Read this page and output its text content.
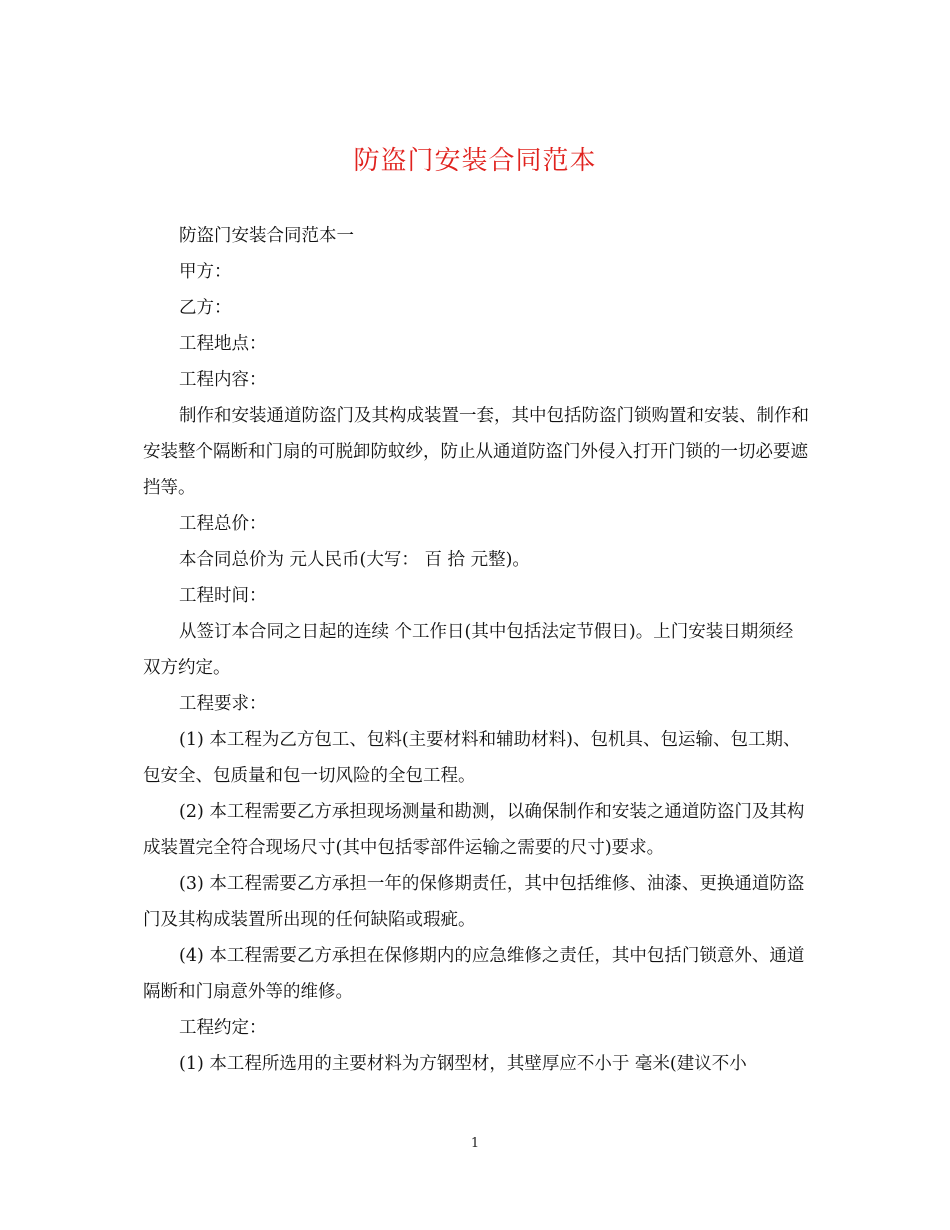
防盗门安装合同范本

防盗门安装合同范本一

甲方：

乙方：

工程地点：

工程内容：

制作和安装通道防盗门及其构成装置一套，其中包括防盗门锁购置和安装、制作和安装整个隔断和门扇的可脱卸防蚊纱，防止从通道防盗门外侵入打开门锁的一切必要遮挡等。

工程总价：

本合同总价为 元人民币(大写： 百 拾 元整)。

工程时间：

从签订本合同之日起的连续 个工作日(其中包括法定节假日)。上门安装日期须经双方约定。

工程要求：

(1) 本工程为乙方包工、包料(主要材料和辅助材料)、包机具、包运输、包工期、包安全、包质量和包一切风险的全包工程。

(2) 本工程需要乙方承担现场测量和勘测，以确保制作和安装之通道防盗门及其构成装置完全符合现场尺寸(其中包括零部件运输之需要的尺寸)要求。

(3) 本工程需要乙方承担一年的保修期责任，其中包括维修、油漆、更换通道防盗门及其构成装置所出现的任何缺陷或瑕疵。

(4) 本工程需要乙方承担在保修期内的应急维修之责任，其中包括门锁意外、通道隔断和门扇意外等的维修。

工程约定：

(1) 本工程所选用的主要材料为方钢型材，其壁厚应不小于 毫米(建议不小

1
